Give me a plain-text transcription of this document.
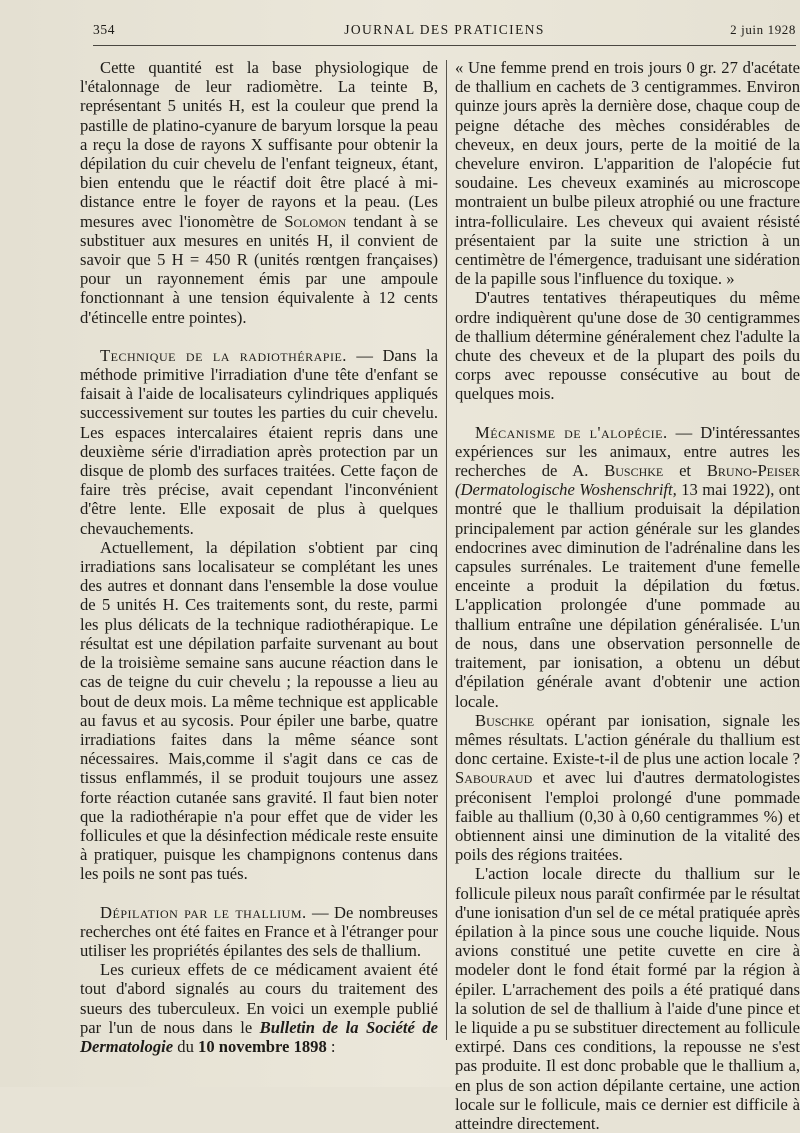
354	JOURNAL DES PRATICIENS	2 juin 1928

Cette quantité est la base physiologique de l'étalonnage de leur radiomètre. La teinte B, représentant 5 unités H, est la couleur que prend la pastille de platino-cyanure de baryum lorsque la peau a reçu la dose de rayons X suffisante pour obtenir la dépilation du cuir chevelu de l'enfant teigneux, étant, bien entendu que le réactif doit être placé à mi-distance entre le foyer de rayons et la peau. (Les mesures avec l'ionomètre de Solomon tendant à se substituer aux mesures en unités H, il convient de savoir que 5 H = 450 R (unités rœntgen françaises) pour un rayonnement émis par une ampoule fonctionnant à une tension équivalente à 12 cents d'étincelle entre pointes).

Technique de la radiothérapie. — Dans la méthode primitive l'irradiation d'une tête d'enfant se faisait à l'aide de localisateurs cylindriques appliqués successivement sur toutes les parties du cuir chevelu. Les espaces intercalaires étaient repris dans une deuxième série d'irradiation après protection par un disque de plomb des surfaces traitées. Cette façon de faire très précise, avait cependant l'inconvénient d'être lente. Elle exposait de plus à quelques chevauchements.

Actuellement, la dépilation s'obtient par cinq irradiations sans localisateur se complétant les unes des autres et donnant dans l'ensemble la dose voulue de 5 unités H. Ces traitements sont, du reste, parmi les plus délicats de la technique radiothérapique. Le résultat est une dépilation parfaite survenant au bout de la troisième semaine sans aucune réaction dans le cas de teigne du cuir chevelu ; la repousse a lieu au bout de deux mois. La même technique est applicable au favus et au sycosis. Pour épiler une barbe, quatre irradiations faites dans la même séance sont nécessaires. Mais,comme il s'agit dans ce cas de tissus enflammés, il se produit toujours une assez forte réaction cutanée sans gravité. Il faut bien noter que la radiothérapie n'a pour effet que de vider les follicules et que la désinfection médicale reste ensuite à pratiquer, puisque les champignons contenus dans les poils ne sont pas tués.

Dépilation par le thallium. — De nombreuses recherches ont été faites en France et à l'étranger pour utiliser les propriétés épilantes des sels de thallium.

Les curieux effets de ce médicament avaient été tout d'abord signalés au cours du traitement des sueurs des tuberculeux. En voici un exemple publié par l'un de nous dans le Bulletin de la Société de Dermatologie du 10 novembre 1898 :

« Une femme prend en trois jours 0 gr. 27 d'acétate de thallium en cachets de 3 centigrammes. Environ quinze jours après la dernière dose, chaque coup de peigne détache des mèches considérables de cheveux, en deux jours, perte de la moitié de la chevelure environ. L'apparition de l'alopécie fut soudaine. Les cheveux examinés au microscope montraient un bulbe pileux atrophié ou une fracture intra-folliculaire. Les cheveux qui avaient résisté présentaient par la suite une striction à un centimètre de l'émergence, traduisant une sidération de la papille sous l'influence du toxique. »

D'autres tentatives thérapeutiques du même ordre indiquèrent qu'une dose de 30 centigrammes de thallium détermine généralement chez l'adulte la chute des cheveux et de la plupart des poils du corps avec repousse consécutive au bout de quelques mois.

Mécanisme de l'alopécie. — D'intéressantes expériences sur les animaux, entre autres les recherches de A. Buschke et Bruno-Peiser (Dermatologische Woshenschrift, 13 mai 1922), ont montré que le thallium produisait la dépilation principalement par action générale sur les glandes endocrines avec diminution de l'adrénaline dans les capsules surrénales. Le traitement d'une femelle enceinte a produit la dépilation du fœtus. L'application prolongée d'une pommade au thallium entraîne une dépilation généralisée. L'un de nous, dans une observation personnelle de traitement, par ionisation, a obtenu un début d'épilation générale avant d'obtenir une action locale.

Buschke opérant par ionisation, signale les mêmes résultats. L'action générale du thallium est donc certaine. Existe-t-il de plus une action locale ? Sabouraud et avec lui d'autres dermatologistes préconisent l'emploi prolongé d'une pommade faible au thallium (0,30 à 0,60 centigrammes %) et obtiennent ainsi une diminution de la vitalité des poils des régions traitées.

L'action locale directe du thallium sur le follicule pileux nous paraît confirmée par le résultat d'une ionisation d'un sel de ce métal pratiquée après épilation à la pince sous une couche liquide. Nous avions constitué une petite cuvette en cire à modeler dont le fond était formé par la région à épiler. L'arrachement des poils a été pratiqué dans la solution de sel de thallium à l'aide d'une pince et le liquide a pu se substituer directement au follicule extirpé. Dans ces conditions, la repousse ne s'est pas produite. Il est donc probable que le thallium a, en plus de son action dépilante certaine, une action locale sur le follicule, mais ce dernier est difficile à atteindre directement.
